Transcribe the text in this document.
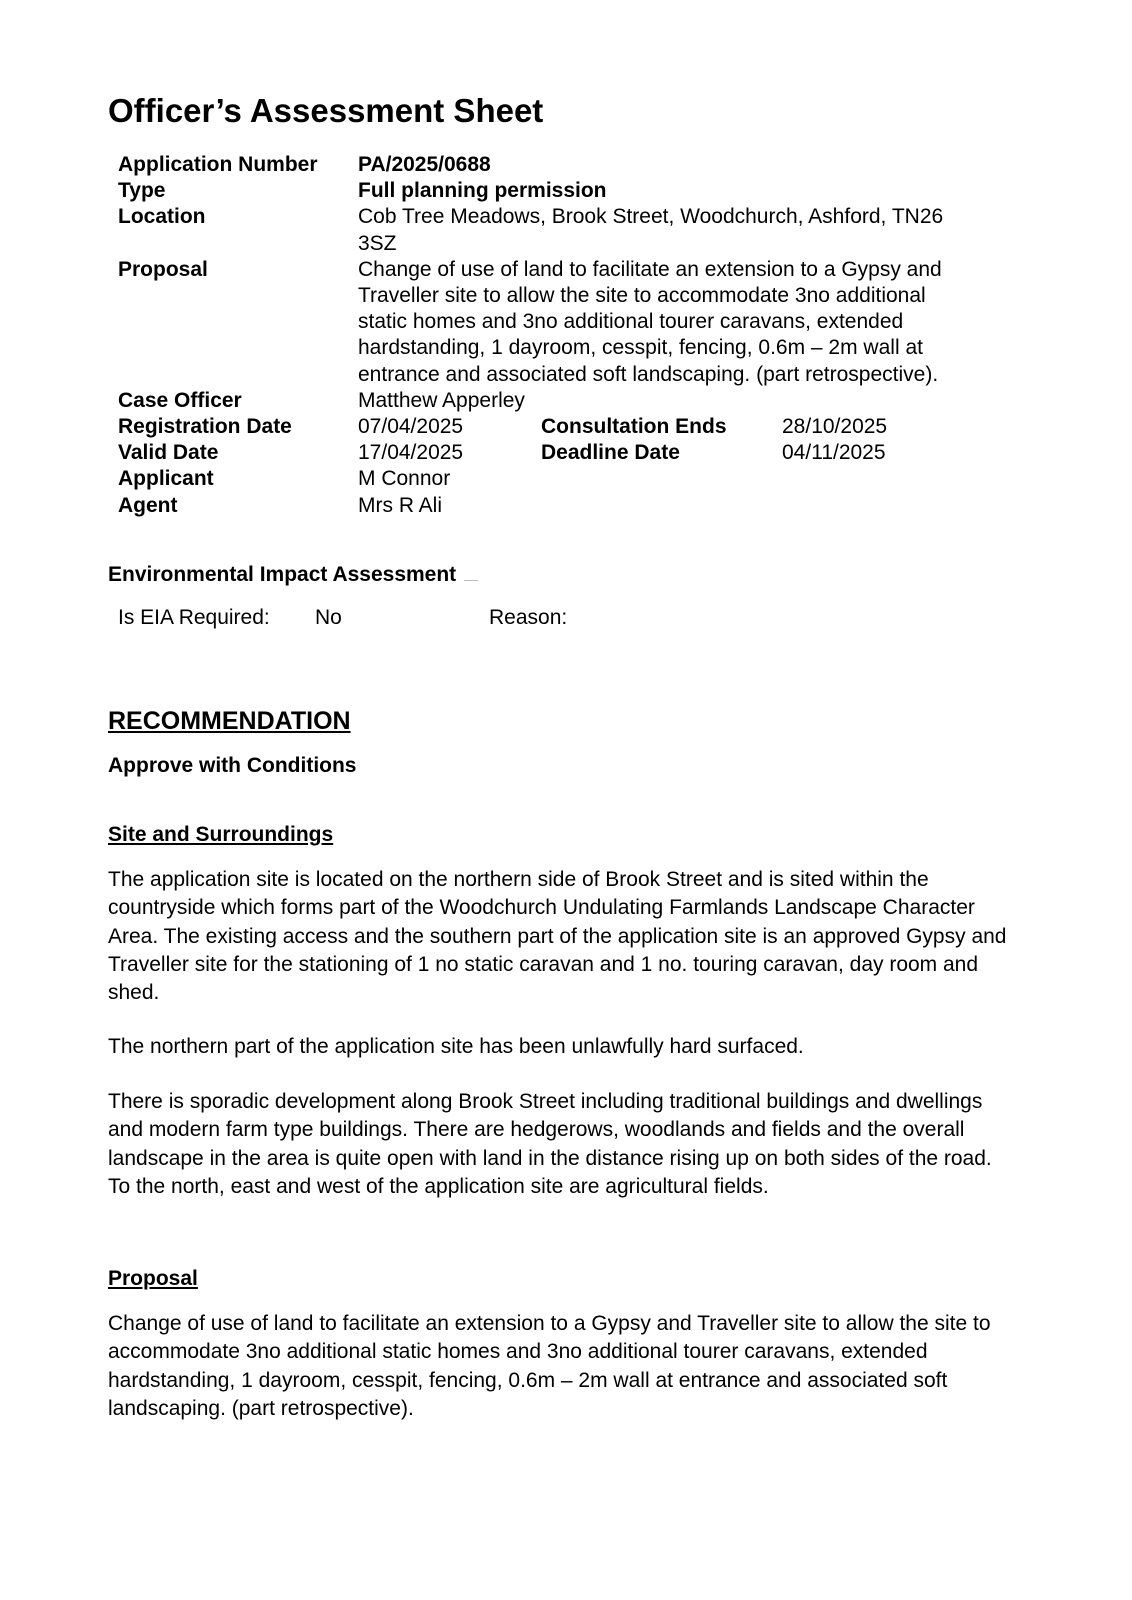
Officer’s Assessment Sheet
Application Number	PA/2025/0688
Type	Full planning permission
Location	Cob Tree Meadows, Brook Street, Woodchurch, Ashford, TN26 3SZ
Proposal	Change of use of land to facilitate an extension to a Gypsy and Traveller site to allow the site to accommodate 3no additional static homes and 3no additional tourer caravans, extended hardstanding, 1 dayroom, cesspit, fencing, 0.6m – 2m wall at entrance and associated soft landscaping. (part retrospective).
Case Officer	Matthew Apperley
Registration Date	07/04/2025	Consultation Ends	28/10/2025
Valid Date	17/04/2025	Deadline Date	04/11/2025
Applicant	M Connor
Agent	Mrs R Ali
Environmental Impact Assessment
Is EIA Required: No	Reason:
RECOMMENDATION
Approve with Conditions
Site and Surroundings

The application site is located on the northern side of Brook Street and is sited within the countryside which forms part of the Woodchurch Undulating Farmlands Landscape Character Area. The existing access and the southern part of the application site is an approved Gypsy and Traveller site for the stationing of 1 no static caravan and 1 no. touring caravan, day room and shed.

The northern part of the application site has been unlawfully hard surfaced.

There is sporadic development along Brook Street including traditional buildings and dwellings and modern farm type buildings. There are hedgerows, woodlands and fields and the overall landscape in the area is quite open with land in the distance rising up on both sides of the road. To the north, east and west of the application site are agricultural fields.

Proposal

Change of use of land to facilitate an extension to a Gypsy and Traveller site to allow the site to accommodate 3no additional static homes and 3no additional tourer caravans, extended hardstanding, 1 dayroom, cesspit, fencing, 0.6m – 2m wall at entrance and associated soft landscaping. (part retrospective).
